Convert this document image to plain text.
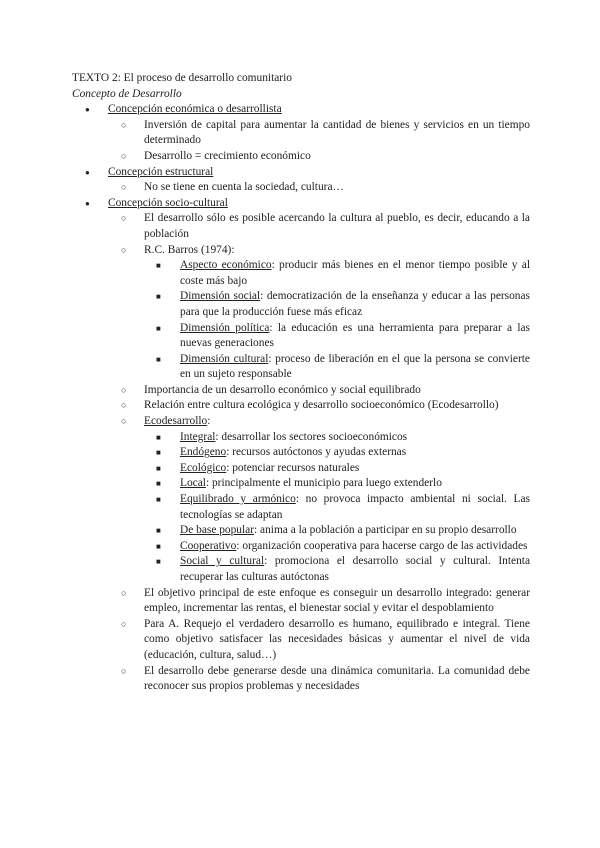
TEXTO 2: El proceso de desarrollo comunitario

Concepto de Desarrollo

● Concepción económica o desarrollista
○ Inversión de capital para aumentar la cantidad de bienes y servicios en un tiempo determinado
○ Desarrollo = crecimiento económico
● Concepción estructural
○ No se tiene en cuenta la sociedad, cultura…
● Concepción socio-cultural
○ El desarrollo sólo es posible acercando la cultura al pueblo, es decir, educando a la población
○ R.C. Barros (1974):
■ Aspecto económico: producir más bienes en el menor tiempo posible y al coste más bajo
■ Dimensión social: democratización de la enseñanza y educar a las personas para que la producción fuese más eficaz
■ Dimensión política: la educación es una herramienta para preparar a las nuevas generaciones
■ Dimensión cultural: proceso de liberación en el que la persona se convierte en un sujeto responsable
○ Importancia de un desarrollo económico y social equilibrado
○ Relación entre cultura ecológica y desarrollo socioeconómico (Ecodesarrollo)
○ Ecodesarrollo:
■ Integral: desarrollar los sectores socioeconómicos
■ Endógeno: recursos autóctonos y ayudas externas
■ Ecológico: potenciar recursos naturales
■ Local: principalmente el municipio para luego extenderlo
■ Equilibrado y armónico: no provoca impacto ambiental ni social. Las tecnologías se adaptan
■ De base popular: anima a la población a participar en su propio desarrollo
■ Cooperativo: organización cooperativa para hacerse cargo de las actividades
■ Social y cultural: promociona el desarrollo social y cultural. Intenta recuperar las culturas autóctonas
○ El objetivo principal de este enfoque es conseguir un desarrollo integrado: generar empleo, incrementar las rentas, el bienestar social y evitar el despoblamiento
○ Para A. Requejo el verdadero desarrollo es humano, equilibrado e integral. Tiene como objetivo satisfacer las necesidades básicas y aumentar el nivel de vida (educación, cultura, salud…)
○ El desarrollo debe generarse desde una dinámica comunitaria. La comunidad debe reconocer sus propios problemas y necesidades
